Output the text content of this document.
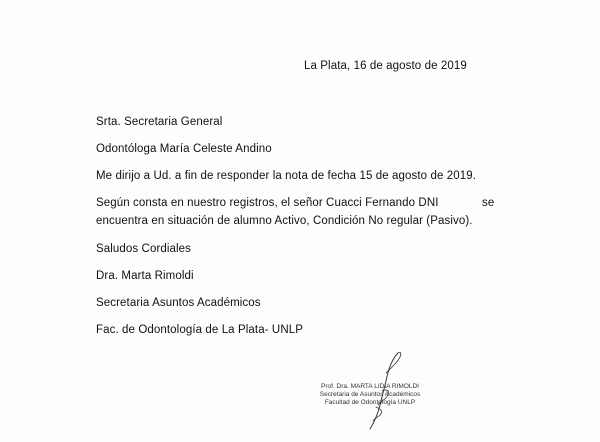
La Plata, 16 de agosto de 2019
Srta. Secretaria General
Odontóloga María Celeste Andino
Me dirijo a Ud. a fin de responder la nota de fecha 15 de agosto de 2019.
Según consta en nuestro registros, el señor Cuacci Fernando DNI	se
encuentra en situación de alumno Activo, Condición No regular (Pasivo).
Saludos Cordiales
Dra. Marta Rimoldi
Secretaria Asuntos Académicos
Fac. de Odontología de La Plata- UNLP
Prof. Dra. MARTA LIDIA RIMOLDI
Secretaria de Asuntos Académicos
Facultad de Odontología UNLP
